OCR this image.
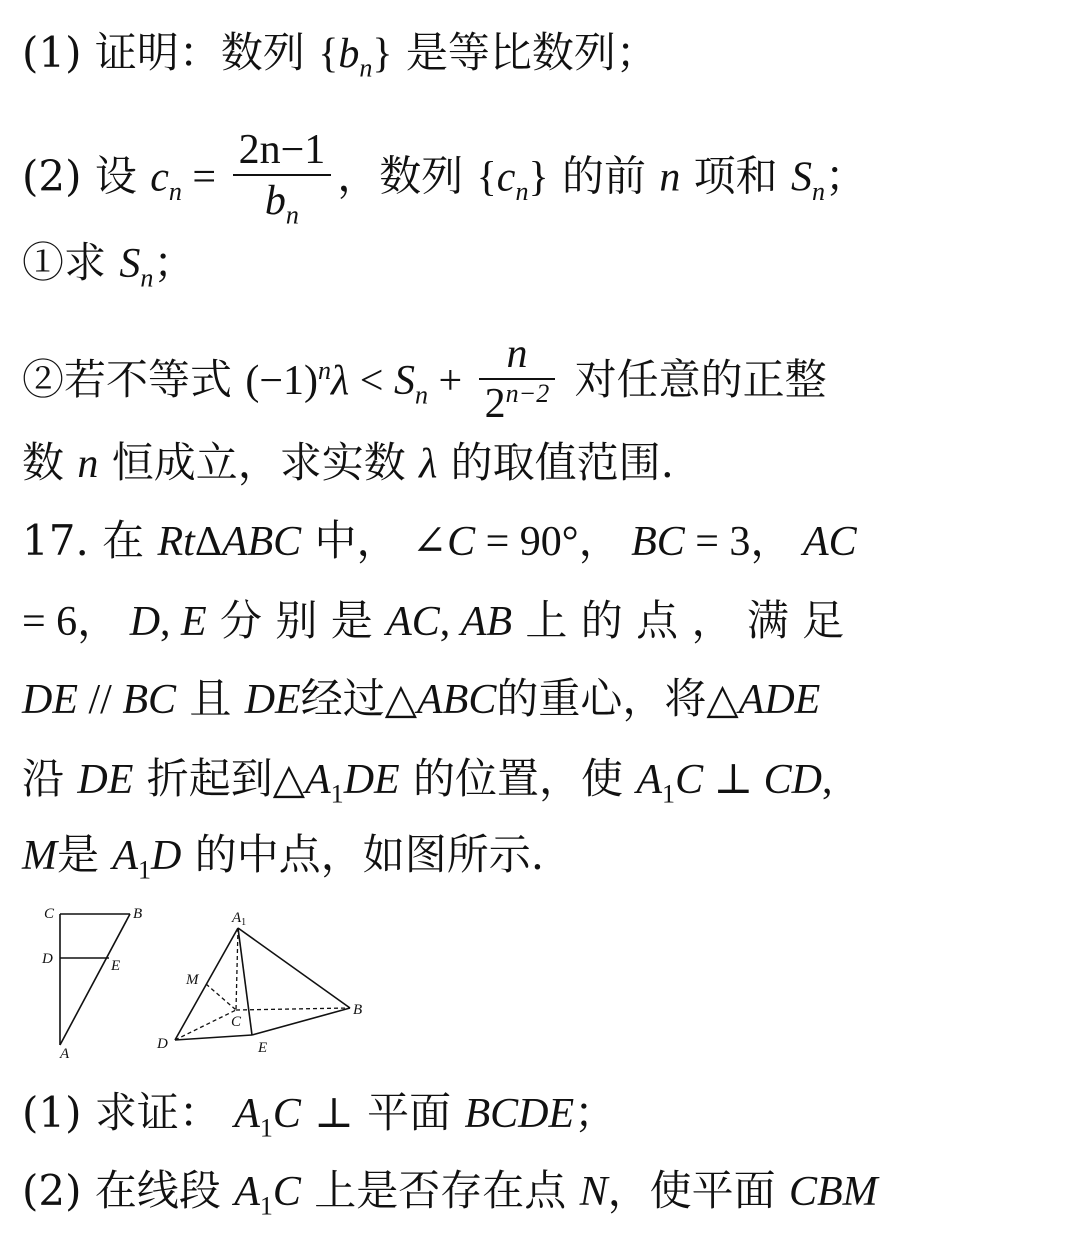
(1) 证明：数列 $\{b_n\}$ 是等比数列；
(2) 设 $c_n = \frac{2n-1}{b_n}$ ，数列 $\{c_n\}$ 的前 n 项和 $S_n$；
①求 $S_n$；
②若不等式 $(-1)^n\lambda < S_n + \frac{n}{2^{n-2}}$ 对任意的正整
数 n 恒成立，求实数 λ 的取值范围.
17. 在 RtΔABC 中， ∠C = 90°， BC = 3， AC
= 6， D, E 分 别 是 AC, AB 上 的 点 ， 满 足
DE // BC 且 DE经过△ABC的重心，将△ADE
沿 DE 折起到$\triangle A_1DE$ 的位置，使 $A_1C$ ⊥ CD,
M是 $A_1D$ 的中点，如图所示.
C	B
D	E
A
$A_1$
M
C
B
D	E
(1) 求证： $A_1C$ ⊥ 平面 BCDE；
(2) 在线段 $A_1C$ 上是否存在点 N，使平面 CBM
